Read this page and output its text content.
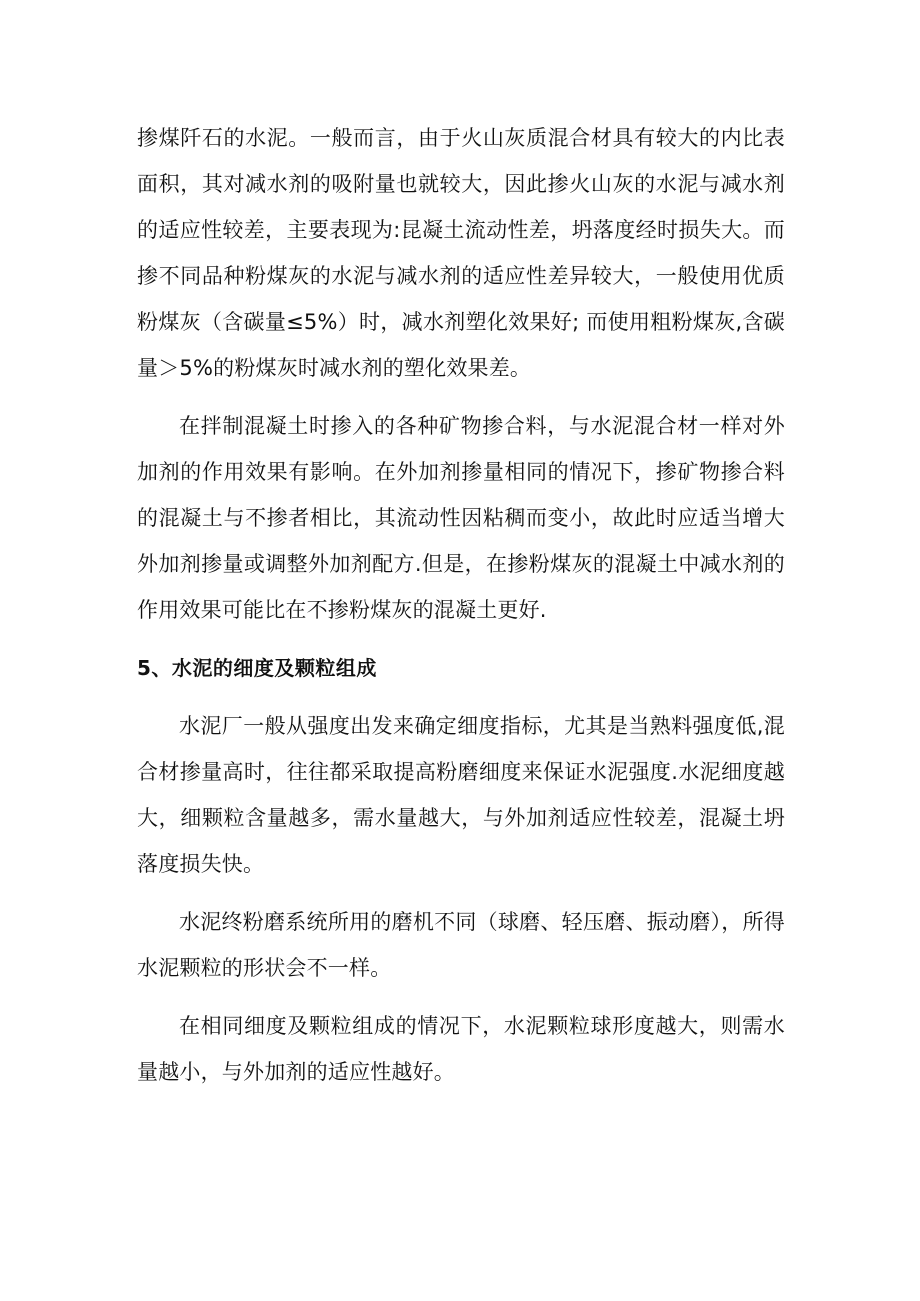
掺煤阡石的水泥。一般而言，由于火山灰质混合材具有较大的内比表面积，其对减水剂的吸附量也就较大，因此掺火山灰的水泥与减水剂的适应性较差，主要表现为:昆凝土流动性差，坍落度经时损失大。而掺不同品种粉煤灰的水泥与减水剂的适应性差异较大，一般使用优质粉煤灰（含碳量≤5%）时，减水剂塑化效果好; 而使用粗粉煤灰,含碳量＞5%的粉煤灰时减水剂的塑化效果差。

在拌制混凝土时掺入的各种矿物掺合料，与水泥混合材一样对外加剂的作用效果有影响。在外加剂掺量相同的情况下，掺矿物掺合料的混凝土与不掺者相比，其流动性因粘稠而变小，故此时应适当增大外加剂掺量或调整外加剂配方.但是，在掺粉煤灰的混凝土中减水剂的作用效果可能比在不掺粉煤灰的混凝土更好.

5、水泥的细度及颗粒组成

水泥厂一般从强度出发来确定细度指标，尤其是当熟料强度低,混合材掺量高时，往往都采取提高粉磨细度来保证水泥强度.水泥细度越大，细颗粒含量越多，需水量越大，与外加剂适应性较差，混凝土坍落度损失快。

水泥终粉磨系统所用的磨机不同（球磨、轻压磨、振动磨），所得水泥颗粒的形状会不一样。

在相同细度及颗粒组成的情况下，水泥颗粒球形度越大，则需水量越小，与外加剂的适应性越好。
